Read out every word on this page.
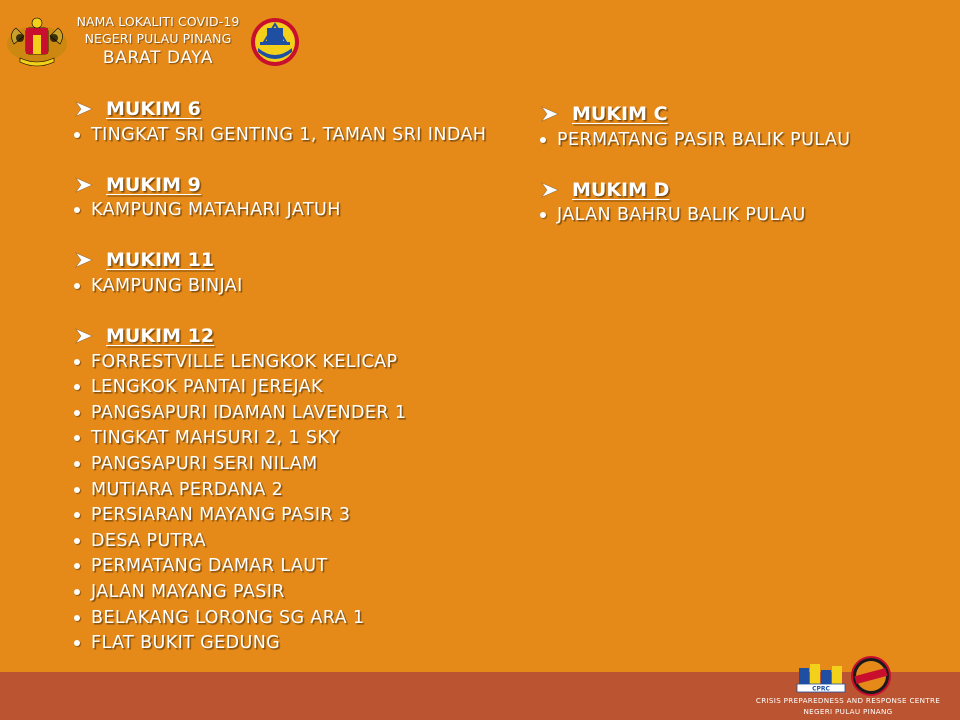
NAMA LOKALITI COVID-19
NEGERI PULAU PINANG
BARAT DAYA
MUKIM 6
TINGKAT SRI GENTING 1, TAMAN SRI INDAH
MUKIM 9
KAMPUNG MATAHARI JATUH
MUKIM 11
KAMPUNG BINJAI
MUKIM 12
FORRESTVILLE LENGKOK KELICAP
LENGKOK PANTAI JEREJAK
PANGSAPURI IDAMAN LAVENDER 1
TINGKAT MAHSURI 2, 1 SKY
PANGSAPURI SERI NILAM
MUTIARA PERDANA 2
PERSIARAN MAYANG PASIR 3
DESA PUTRA
PERMATANG DAMAR LAUT
JALAN MAYANG PASIR
BELAKANG LORONG SG ARA 1
FLAT BUKIT GEDUNG
MUKIM C
PERMATANG PASIR BALIK PULAU
MUKIM D
JALAN BAHRU BALIK PULAU
CPRC
CRISIS PREPAREDNESS AND RESPONSE CENTRE
NEGERI PULAU PINANG
